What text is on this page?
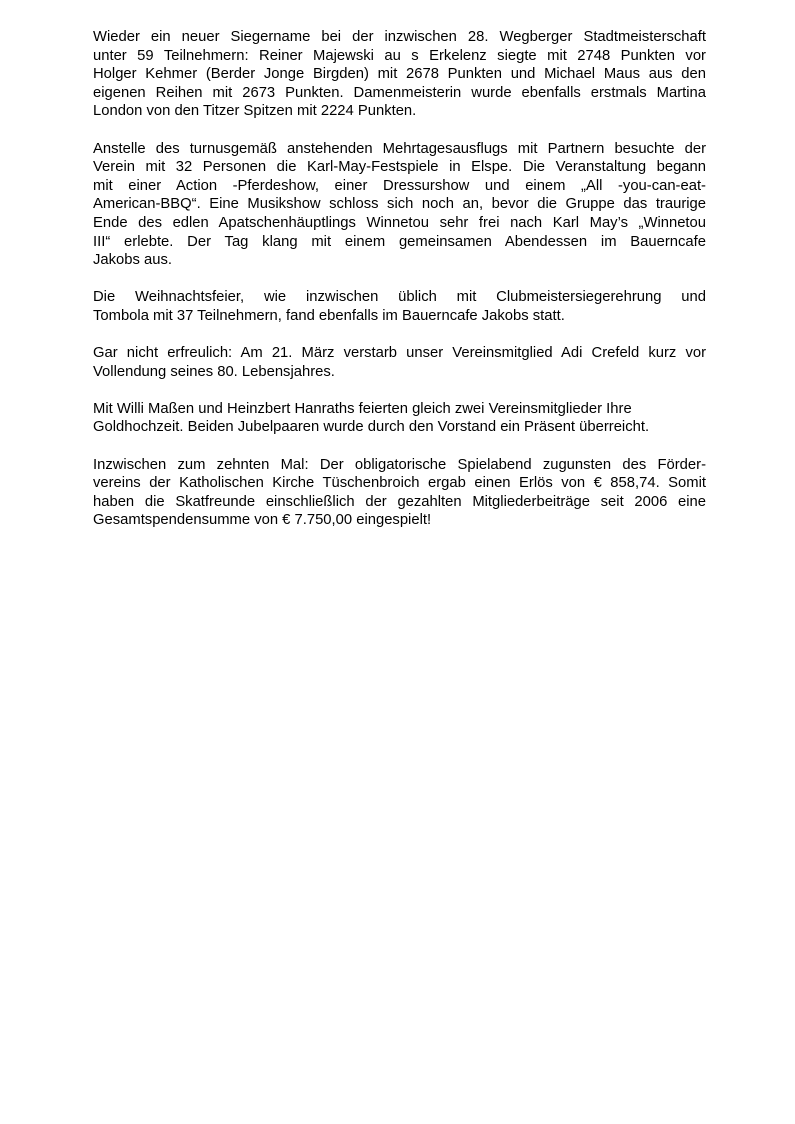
Wieder ein neuer Siegername bei der inzwischen 28. Wegberger Stadtmeisterschaft
unter 59 Teilnehmern: Reiner Majewski au s Erkelenz siegte mit 2748 Punkten vor
Holger Kehmer (Berder Jonge Birgden) mit 2678 Punkten und Michael Maus aus den
eigenen Reihen mit 2673 Punkten. Damenmeisterin wurde ebenfalls erstmals Martina
London von den Titzer Spitzen mit 2224 Punkten.

Anstelle des turnusgemäß anstehenden Mehrtagesausflugs mit Partnern besuchte der
Verein mit 32 Personen die Karl-May-Festspiele in Elspe. Die Veranstaltung begann
mit einer Action -Pferdeshow, einer Dressurshow und einem „All -you-can-eat-
American-BBQ“. Eine Musikshow schloss sich noch an, bevor die Gruppe das traurige
Ende des edlen Apatschenhäuptlings Winnetou sehr frei nach Karl May’s „Winnetou
III“ erlebte. Der Tag klang mit einem gemeinsamen Abendessen im Bauerncafe
Jakobs aus.

Die Weihnachtsfeier, wie inzwischen üblich mit Clubmeistersiegerehrung und
Tombola mit 37 Teilnehmern, fand ebenfalls im Bauerncafe Jakobs statt.

Gar nicht erfreulich: Am 21. März verstarb unser Vereinsmitglied Adi Crefeld kurz vor
Vollendung seines 80. Lebensjahres.

Mit Willi Maßen und Heinzbert Hanraths feierten gleich zwei Vereinsmitglieder Ihre
Goldhochzeit. Beiden Jubelpaaren wurde durch den Vorstand ein Präsent überreicht.

Inzwischen zum zehnten Mal: Der obligatorische Spielabend zugunsten des Förder-
vereins der Katholischen Kirche Tüschenbroich ergab einen Erlös von € 858,74. Somit
haben die Skatfreunde einschließlich der gezahlten Mitgliederbeiträge seit 2006 eine
Gesamtspendensumme von € 7.750,00 eingespielt!
